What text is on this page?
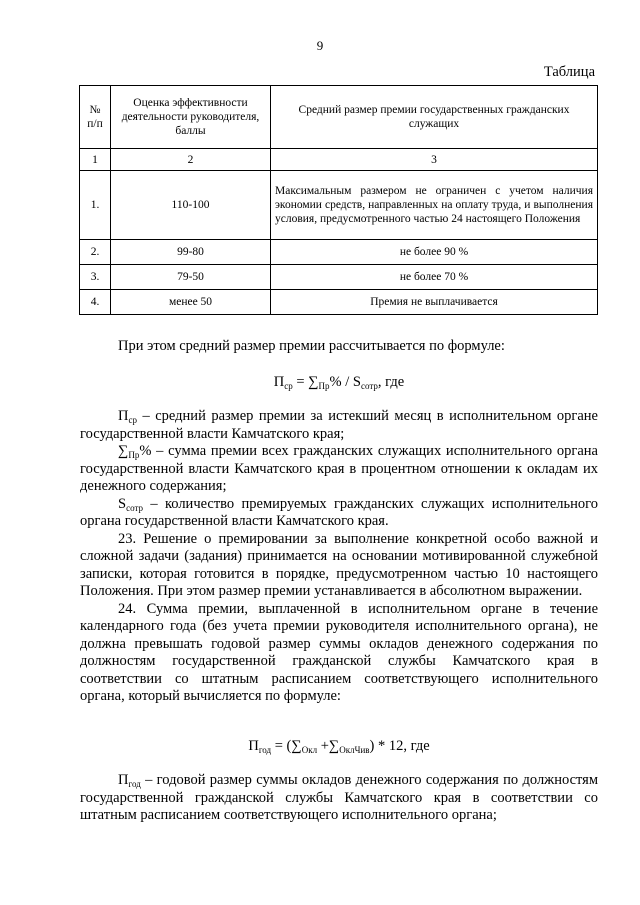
9
Таблица
№ п/п	Оценка эффективности деятельности руководителя, баллы	Средний размер премии государственных гражданских служащих
1	2	3
1.	110-100	Максимальным размером не ограничен с учетом наличия экономии средств, направленных на оплату труда, и выполнения условия, предусмотренного частью 24 настоящего Положения
2.	99-80	не более 90 %
3.	79-50	не более 70 %
4.	менее 50	Премия не выплачивается

При этом средний размер премии рассчитывается по формуле:

$П_{ср} = \sum_{Пр}\% / S_{сотр}$, где

$П_{ср}$ – средний размер премии за истекший месяц в исполнительном органе государственной власти Камчатского края;

$\sum_{Пр}\%$ – сумма премии всех гражданских служащих исполнительного органа государственной власти Камчатского края в процентном отношении к окладам их денежного содержания;

$S_{сотр}$ – количество премируемых гражданских служащих исполнительного органа государственной власти Камчатского края.

23. Решение о премировании за выполнение конкретной особо важной и сложной задачи (задания) принимается на основании мотивированной служебной записки, которая готовится в порядке, предусмотренном частью 10 настоящего Положения. При этом размер премии устанавливается в абсолютном выражении.

24. Сумма премии, выплаченной в исполнительном органе в течение календарного года (без учета премии руководителя исполнительного органа), не должна превышать годовой размер суммы окладов денежного содержания по должностям государственной гражданской службы Камчатского края в соответствии со штатным расписанием соответствующего исполнительного органа, который вычисляется по формуле:

$П_{год} = (\sum_{Окл} +\sum_{ОклЧив}) * 12$, где

$П_{год}$ – годовой размер суммы окладов денежного содержания по должностям государственной гражданской службы Камчатского края в соответствии со штатным расписанием соответствующего исполнительного органа;
